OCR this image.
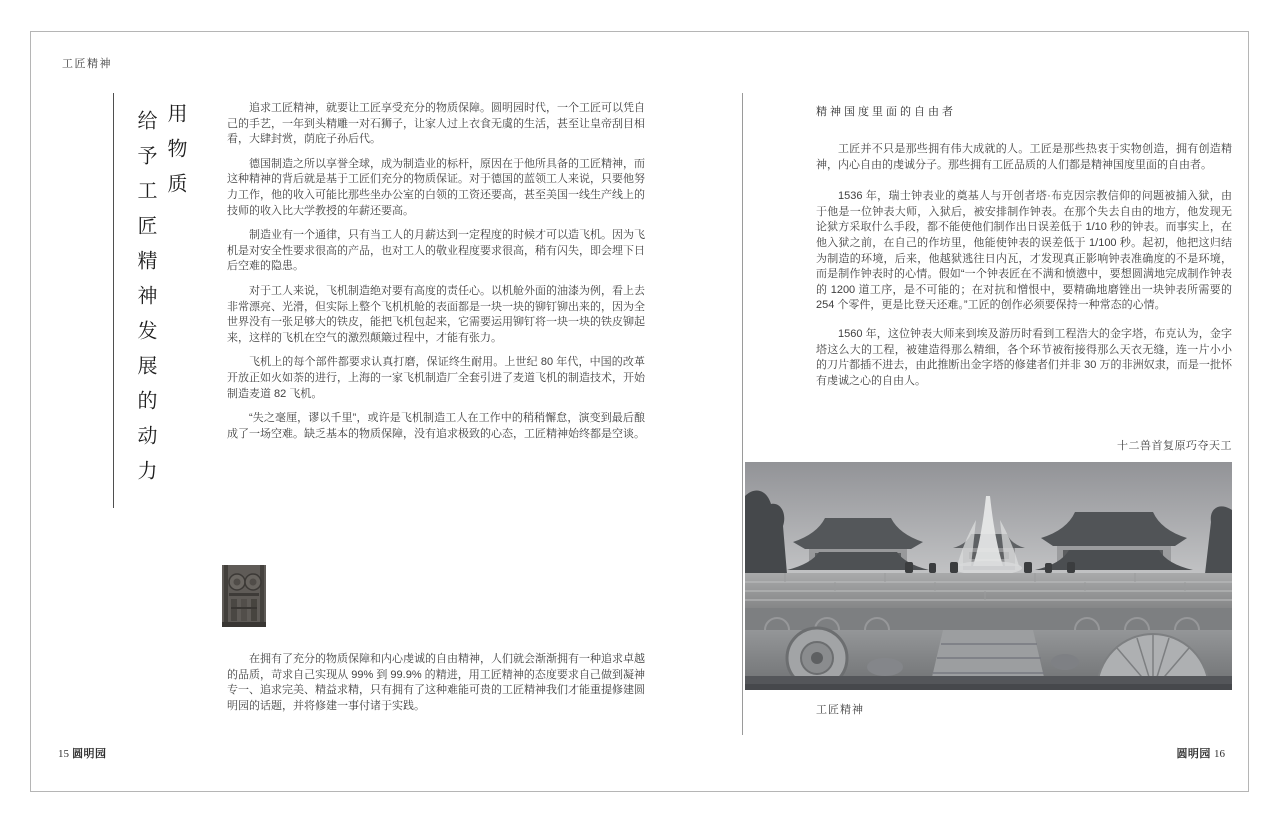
工匠精神
用物质
给予工匠精神发展的动力

追求工匠精神，就要让工匠享受充分的物质保障。圆明园时代，一个工匠可以凭自己的手艺，一年到头精雕一对石狮子，让家人过上衣食无虞的生活，甚至让皇帝刮目相看，大肆封赏，荫庇子孙后代。

德国制造之所以享誉全球，成为制造业的标杆，原因在于他所具备的工匠精神，而这种精神的背后就是基于工匠们充分的物质保证。对于德国的蓝领工人来说，只要他努力工作，他的收入可能比那些坐办公室的白领的工资还要高，甚至美国一线生产线上的技师的收入比大学教授的年薪还要高。

制造业有一个通律，只有当工人的月薪达到一定程度的时候才可以造飞机。因为飞机是对安全性要求很高的产品，也对工人的敬业程度要求很高，稍有闪失，即会埋下日后空难的隐患。

对于工人来说，飞机制造绝对要有高度的责任心。以机舱外面的油漆为例，看上去非常漂亮、光滑，但实际上整个飞机机舱的表面都是一块一块的铆钉铆出来的，因为全世界没有一张足够大的铁皮，能把飞机包起来，它需要运用铆钉将一块一块的铁皮铆起来，这样的飞机在空气的激烈颠簸过程中，才能有张力。

飞机上的每个部件都要求认真打磨，保证终生耐用。上世纪 80 年代，中国的改革开放正如火如荼的进行，上海的一家飞机制造厂全套引进了麦道飞机的制造技术，开始制造麦道 82 飞机。

“失之毫厘，谬以千里”，或许是飞机制造工人在工作中的稍稍懈怠，演变到最后酿成了一场空难。缺乏基本的物质保障，没有追求极致的心态，工匠精神始终都是空谈。

在拥有了充分的物质保障和内心虔诚的自由精神，人们就会渐渐拥有一种追求卓越的品质，苛求自己实现从 99% 到 99.9% 的精进，用工匠精神的态度要求自己做到凝神专一、追求完美、精益求精，只有拥有了这种难能可贵的工匠精神我们才能重提修建圆明园的话题，并将修建一事付诸于实践。

精神国度里面的自由者

工匠并不只是那些拥有伟大成就的人。工匠是那些热衷于实物创造，拥有创造精神，内心自由的虔诚分子。那些拥有工匠品质的人们都是精神国度里面的自由者。

1536 年，瑞士钟表业的奠基人与开创者塔·布克因宗教信仰的问题被捕入狱，由于他是一位钟表大师，入狱后，被安排制作钟表。在那个失去自由的地方，他发现无论狱方采取什么手段，都不能使他们制作出日误差低于 1/10 秒的钟表。而事实上，在他入狱之前，在自己的作坊里，他能使钟表的误差低于 1/100 秒。起初，他把这归结为制造的环境，后来，他越狱逃往日内瓦，才发现真正影响钟表准确度的不是环境，而是制作钟表时的心情。假如“一个钟表匠在不满和愤懑中，要想圆满地完成制作钟表的 1200 道工序，是不可能的；在对抗和憎恨中，要精确地磨锉出一块钟表所需要的 254 个零件，更是比登天还难。”工匠的创作必须要保持一种常态的心情。

1560 年，这位钟表大师来到埃及游历时看到工程浩大的金字塔，布克认为，金字塔这么大的工程，被建造得那么精细，各个环节被衔接得那么天衣无缝，连一片小小的刀片都插不进去，由此推断出金字塔的修建者们并非 30 万的非洲奴隶，而是一批怀有虔诚之心的自由人。

十二兽首复原巧夺天工
工匠精神
15 圆明园	圆明园 16
